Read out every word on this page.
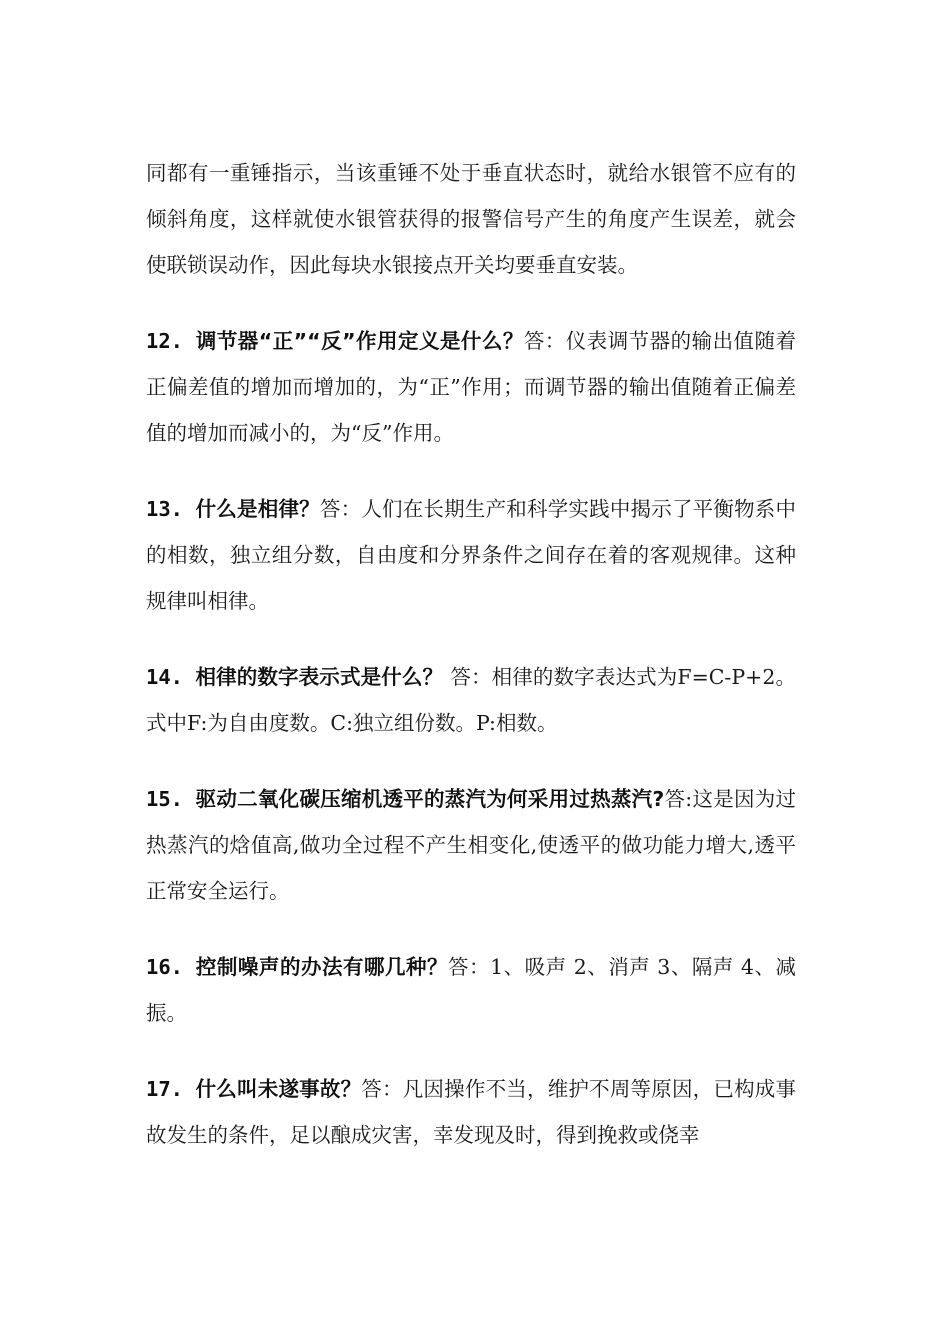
同都有一重锤指示，当该重锤不处于垂直状态时，就给水银管不应有的倾斜角度，这样就使水银管获得的报警信号产生的角度产生误差，就会使联锁误动作，因此每块水银接点开关均要垂直安装。

12. 调节器“正”“反”作用定义是什么？答：仪表调节器的输出值随着正偏差值的增加而增加的，为“正”作用；而调节器的输出值随着正偏差值的增加而减小的，为“反”作用。

13. 什么是相律？答：人们在长期生产和科学实践中揭示了平衡物系中的相数，独立组分数，自由度和分界条件之间存在着的客观规律。这种规律叫相律。

14. 相律的数字表示式是什么？ 答：相律的数字表达式为F=C-P+2。式中F:为自由度数。C:独立组份数。P:相数。

15. 驱动二氧化碳压缩机透平的蒸汽为何采用过热蒸汽?答:这是因为过热蒸汽的焓值高,做功全过程不产生相变化,使透平的做功能力增大,透平正常安全运行。

16. 控制噪声的办法有哪几种？答：1、吸声 2、消声 3、隔声 4、减振。

17. 什么叫未遂事故？答：凡因操作不当，维护不周等原因，已构成事故发生的条件，足以酿成灾害，幸发现及时，得到挽救或侥幸
